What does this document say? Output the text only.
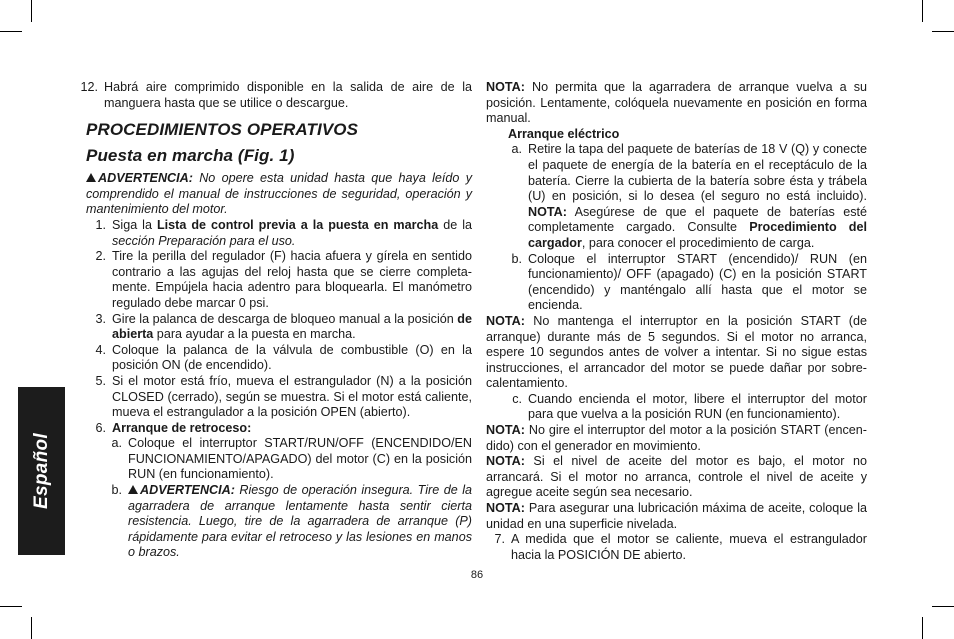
Español
12. Habrá aire comprimido disponible en la salida de aire de la manguera hasta que se utilice o descargue.
PROCEDIMIENTOS OPERATIVOS
Puesta en marcha (Fig. 1)

ADVERTENCIA: No opere esta unidad hasta que haya leído y comprendido el manual de instrucciones de seguridad, operación y mantenimiento del motor.

1. Siga la Lista de control previa a la puesta en marcha de la sección Preparación para el uso.
2. Tire la perilla del regulador (F) hacia afuera y gírela en sentido contrario a las agujas del reloj hasta que se cierre completa-mente. Empújela hacia adentro para bloquearla. El manómetro regulado debe marcar 0 psi.
3. Gire la palanca de descarga de bloqueo manual a la posición de abierta para ayudar a la puesta en marcha.
4. Coloque la palanca de la válvula de combustible (O) en la posición ON (de encendido).
5. Si el motor está frío, mueva el estrangulador (N) a la posición CLOSED (cerrado), según se muestra. Si el motor está caliente, mueva el estrangulador a la posición OPEN (abierto).
6. Arranque de retroceso:
a. Coloque el interruptor START/RUN/OFF (ENCENDIDO/EN FUNCIONAMIENTO/APAGADO) del motor (C) en la posición RUN (en funcionamiento).
b.	ADVERTENCIA: Riesgo de operación insegura. Tire de la agarradera de arranque lentamente hasta sentir cierta resistencia. Luego, tire de la agarradera de arranque (P) rápidamente para evitar el retroceso y las lesiones en manos o brazos.

NOTA: No permita que la agarradera de arranque vuelva a su posición. Lentamente, colóquela nuevamente en posición en forma manual.

Arranque eléctrico
a. Retire la tapa del paquete de baterías de 18 V (Q) y conecte el paquete de energía de la batería en el receptáculo de la batería. Cierre la cubierta de la batería sobre ésta y trábela (U) en posición, si lo desea (el seguro no está incluido). NOTA: Asegúrese de que el paquete de baterías esté completamente cargado. Consulte Procedimiento del cargador, para conocer el procedimiento de carga.
b. Coloque el interruptor START (encendido)/ RUN (en funcionamiento)/ OFF (apagado) (C) en la posición START (encendido) y manténgalo allí hasta que el motor se encienda.

NOTA: No mantenga el interruptor en la posición START (de arranque) durante más de 5 segundos. Si el motor no arranca, espere 10 segundos antes de volver a intentar. Si no sigue estas instrucciones, el arrancador del motor se puede dañar por sobre-calentamiento.

c. Cuando encienda el motor, libere el interruptor del motor para que vuelva a la posición RUN (en funcionamiento).

NOTA: No gire el interruptor del motor a la posición START (encen-dido) con el generador en movimiento.

NOTA: Si el nivel de aceite del motor es bajo, el motor no arrancará. Si el motor no arranca, controle el nivel de aceite y agregue aceite según sea necesario.

NOTA: Para asegurar una lubricación máxima de aceite, coloque la unidad en una superficie nivelada.

7. A medida que el motor se caliente, mueva el estrangulador hacia la POSICIÓN DE abierto.
86
